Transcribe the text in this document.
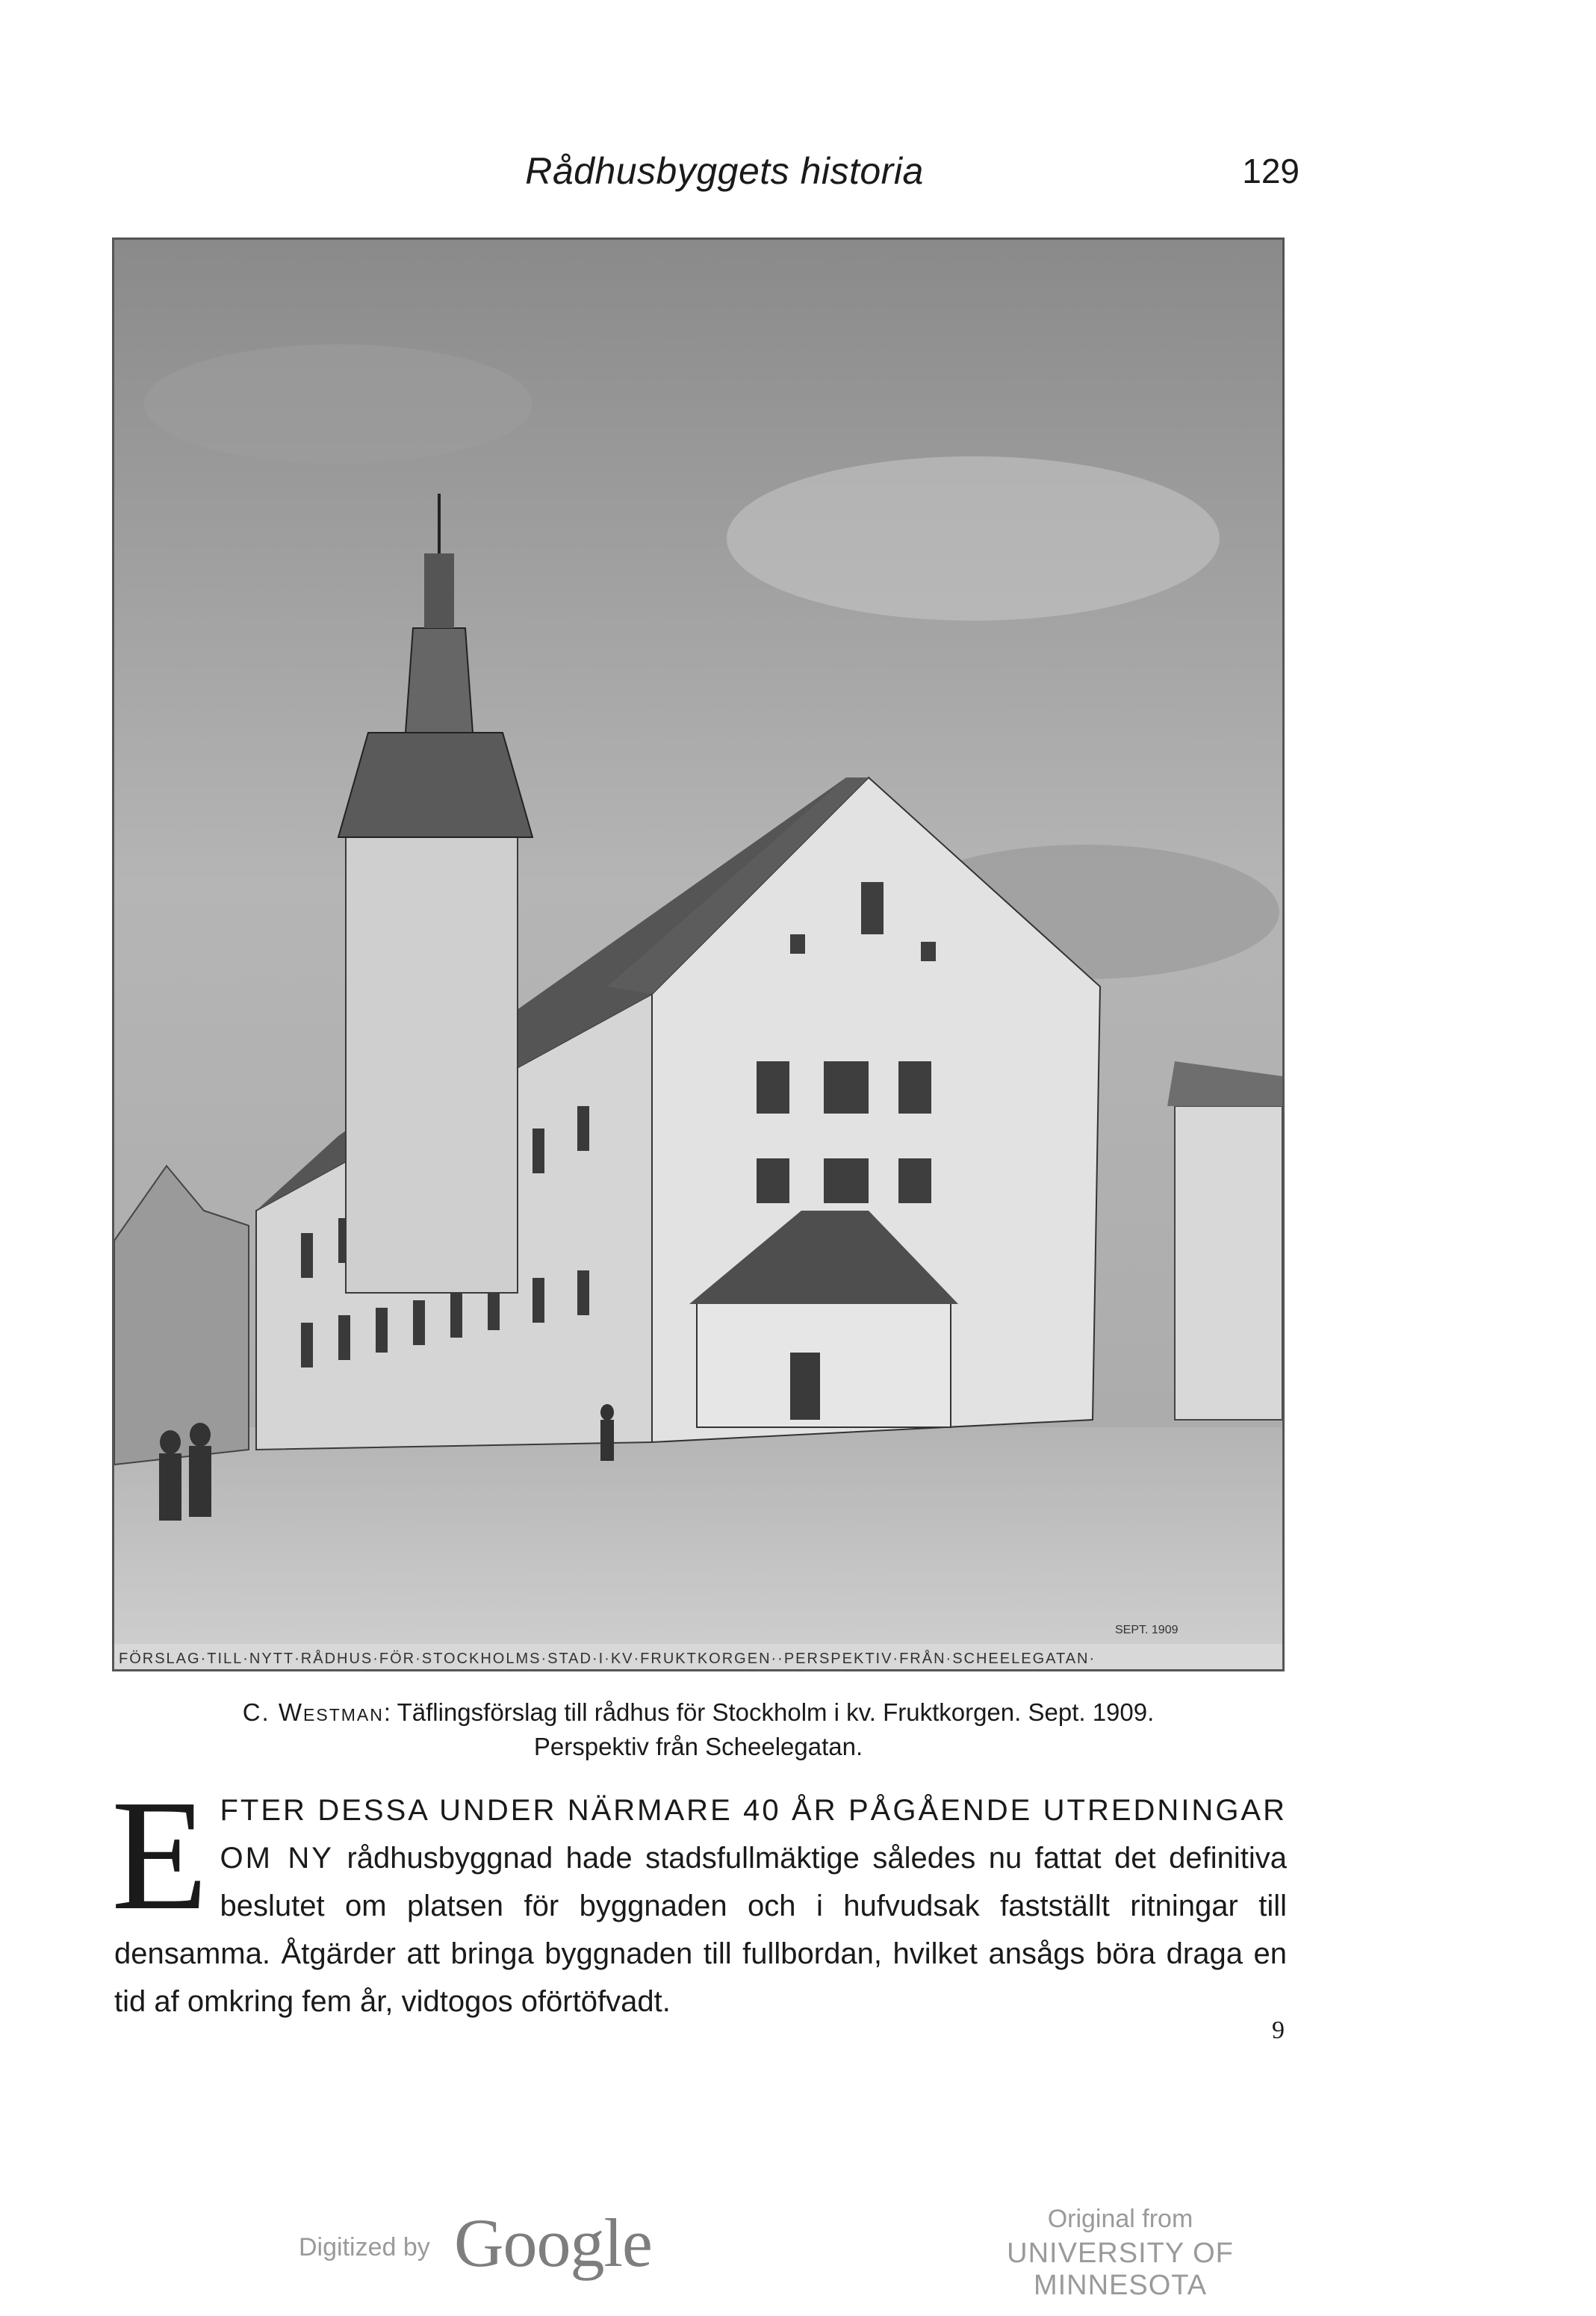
Rådhusbyggets historia	129
FÖRSLAG·TILL·NYTT·RÅDHUS·FÖR·STOCKHOLMS·STAD·I·KV·FRUKTKORGEN··PERSPEKTIV·FRÅN·SCHEELEGATAN·
SEPT. 1909
C. Westman: Täflingsförslag till rådhus för Stockholm i kv. Fruktkorgen. Sept. 1909.
Perspektiv från Scheelegatan.
EFTER DESSA UNDER NÄRMARE 40 ÅR PÅGÅENDE UTREDNINGAR OM NY rådhusbyggnad hade stadsfullmäktige således nu fattat det definitiva beslutet om platsen för byggnaden och i hufvudsak fastställt ritningar till densamma. Åtgärder att bringa byggnaden till fullbordan, hvilket ansågs böra draga en tid af omkring fem år, vidtogos oförtöfvadt.
9
Digitized by Google	Original from
UNIVERSITY OF MINNESOTA
